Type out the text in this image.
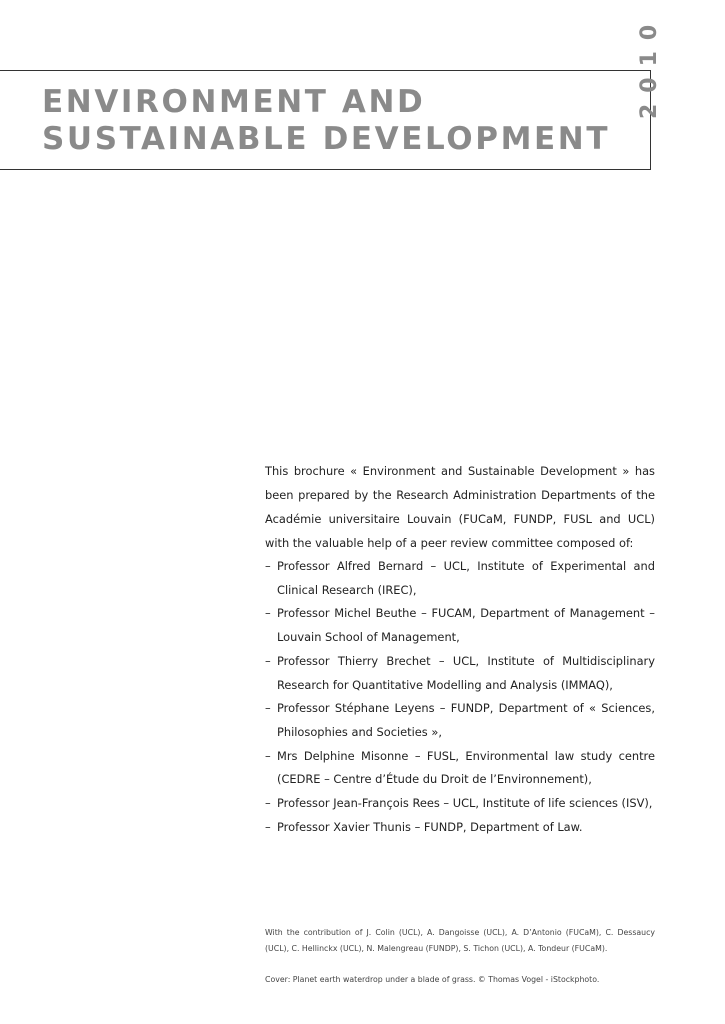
ENVIRONMENT AND
SUSTAINABLE DEVELOPMENT
2010

This brochure « Environment and Sustainable Development » has been prepared by the Research Administration Departments of the Académie universitaire Louvain (FUCaM, FUNDP, FUSL and UCL) with the valuable help of a peer review committee composed of:

– Professor Alfred Bernard – UCL, Institute of Experimental and Clinical Research (IREC),
– Professor Michel Beuthe – FUCAM, Department of Management – Louvain School of Management,
– Professor Thierry Brechet – UCL, Institute of Multidisciplinary Research for Quantitative Modelling and Analysis (IMMAQ),
– Professor Stéphane Leyens – FUNDP, Department of « Sciences, Philosophies and Societies »,
– Mrs Delphine Misonne – FUSL, Environmental law study centre (CEDRE – Centre d’Étude du Droit de l’Environnement),
– Professor Jean-François Rees – UCL, Institute of life sciences (ISV),
– Professor Xavier Thunis – FUNDP, Department of Law.

With the contribution of J. Colin (UCL), A. Dangoisse (UCL), A. D’Antonio (FUCaM), C. Dessaucy (UCL), C. Hellinckx (UCL), N. Malengreau (FUNDP), S. Tichon (UCL), A. Tondeur (FUCaM).

Cover: Planet earth waterdrop under a blade of grass. © Thomas Vogel - iStockphoto.
